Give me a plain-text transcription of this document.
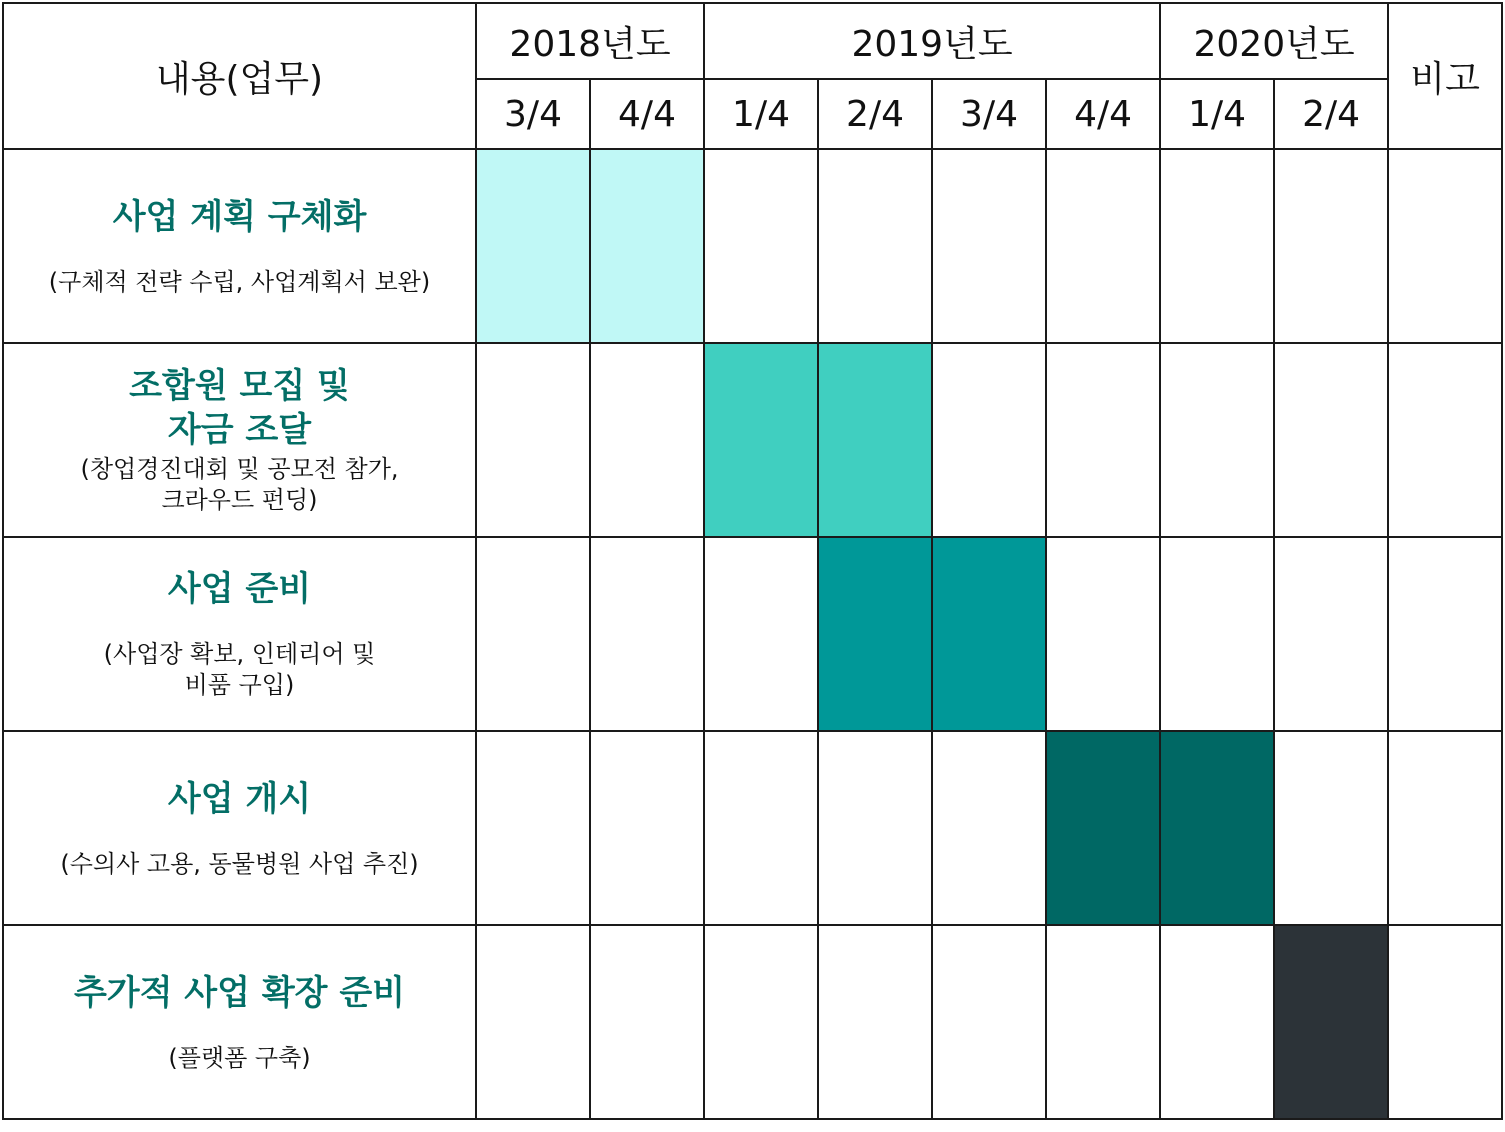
내용(업무)	2018년도		2019년도				2020년도		비고
	3/4	4/4	1/4	2/4	3/4	4/4	1/4	2/4	

사업 계획 구체화
(구체적 전략 수립, 사업계획서 보완)									

조합원 모집 및
자금 조달
(창업경진대회 및 공모전 참가,
크라우드 펀딩)									

사업 준비
(사업장 확보, 인테리어 및
비품 구입)									

사업 개시
(수의사 고용, 동물병원 사업 추진)									

추가적 사업 확장 준비
(플랫폼 구축)									
